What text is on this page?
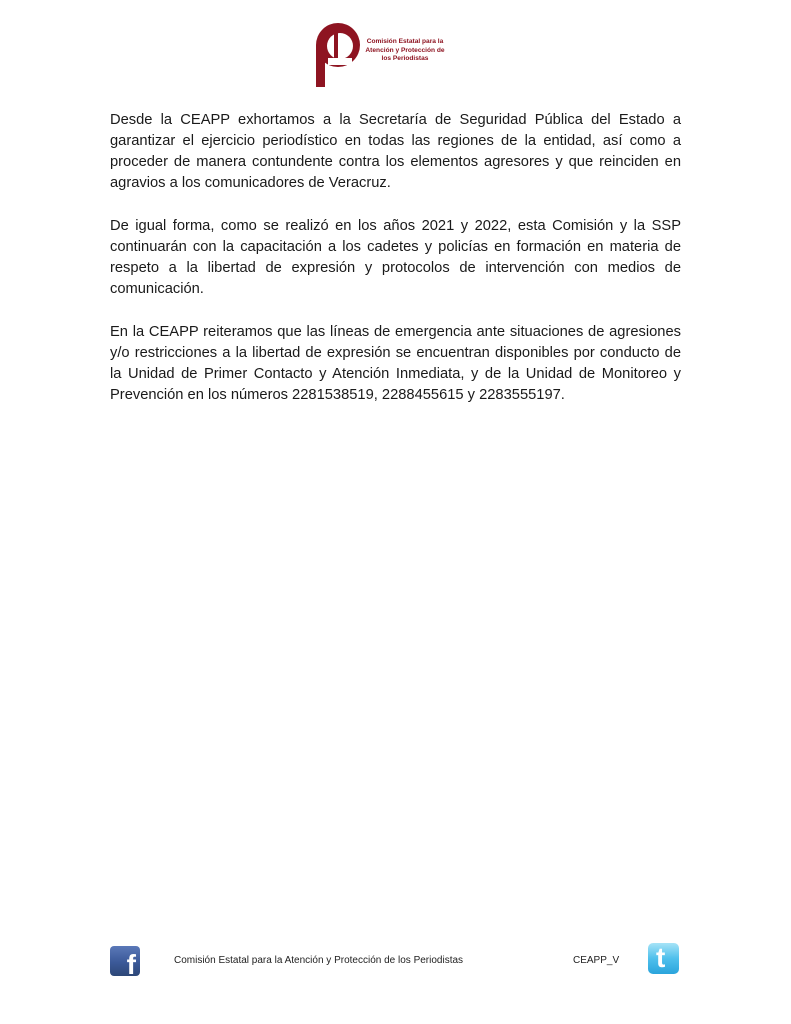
Comisión Estatal para la
Atención y Protección de
los Periodistas

Desde la CEAPP exhortamos a la Secretaría de Seguridad Pública del Estado a garantizar el ejercicio periodístico en todas las regiones de la entidad, así como a proceder de manera contundente contra los elementos agresores y que reinciden en agravios a los comunicadores de Veracruz.

De igual forma, como se realizó en los años 2021 y 2022, esta Comisión y la SSP continuarán con la capacitación a los cadetes y policías en formación en materia de respeto a la libertad de expresión y protocolos de intervención con medios de comunicación.

En la CEAPP reiteramos que las líneas de emergencia ante situaciones de agresiones y/o restricciones a la libertad de expresión se encuentran disponibles por conducto de la Unidad de Primer Contacto y Atención Inmediata, y de la Unidad de Monitoreo y Prevención en los números 2281538519, 2288455615 y 2283555197.

f	Comisión Estatal para la Atención y Protección de los Periodistas	CEAPP_V t
